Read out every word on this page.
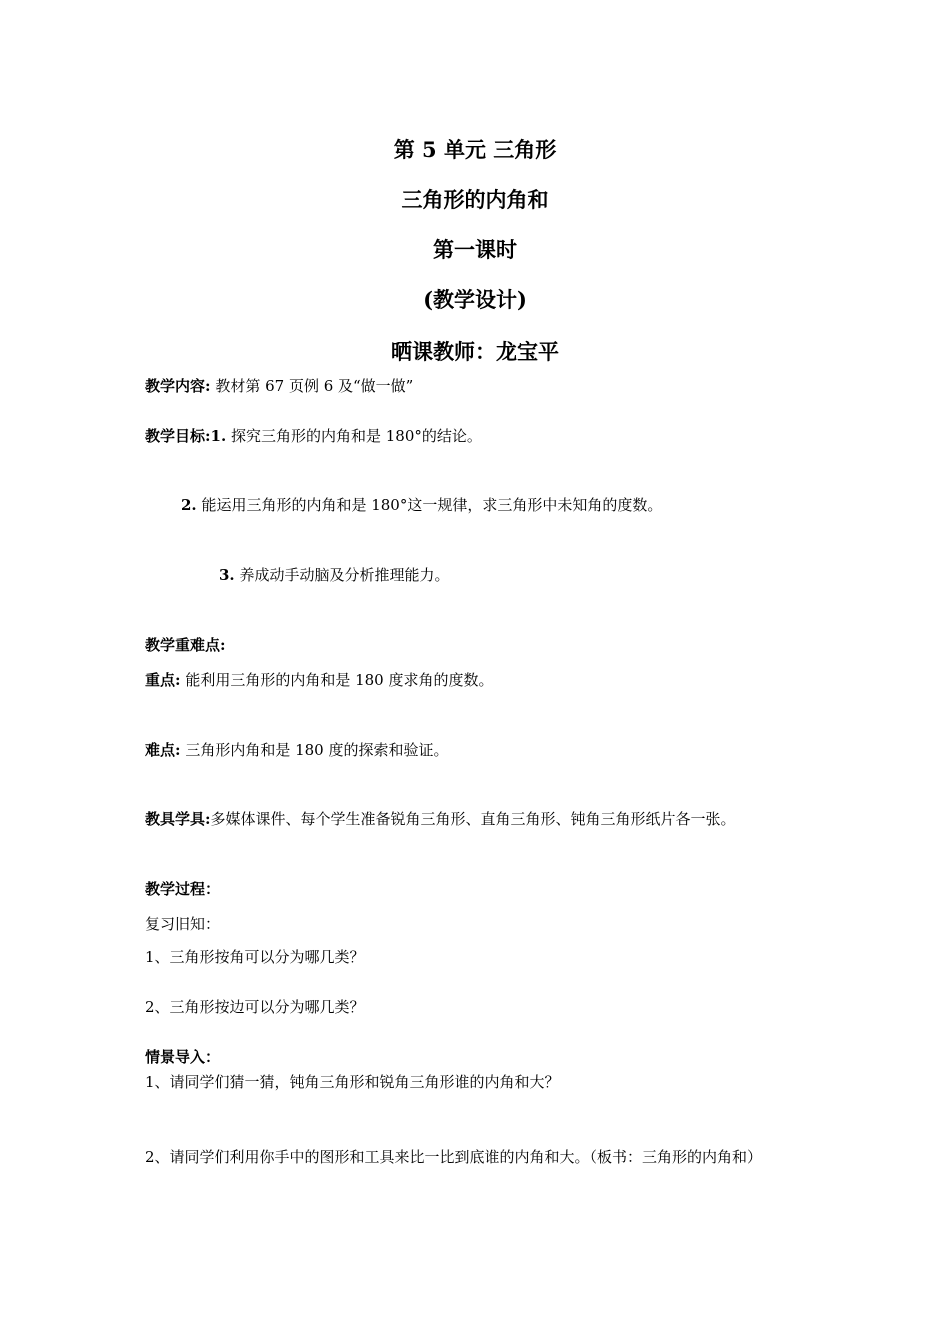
第 5 单元 三角形
三角形的内角和
第一课时
(教学设计)
晒课教师：龙宝平
教学内容: 教材第 67 页例 6 及“做一做”
教学目标:1. 探究三角形的内角和是 180°的结论。
2. 能运用三角形的内角和是 180°这一规律，求三角形中未知角的度数。
3. 养成动手动脑及分析推理能力。
教学重难点:
重点: 能利用三角形的内角和是 180 度求角的度数。
难点: 三角形内角和是 180 度的探索和验证。
教具学具:多媒体课件、每个学生准备锐角三角形、直角三角形、钝角三角形纸片各一张。
教学过程：
复习旧知：
1、三角形按角可以分为哪几类？
2、三角形按边可以分为哪几类？
情景导入：
1、请同学们猜一猜，钝角三角形和锐角三角形谁的内角和大？
2、请同学们利用你手中的图形和工具来比一比到底谁的内角和大。（板书：三角形的内角和）
